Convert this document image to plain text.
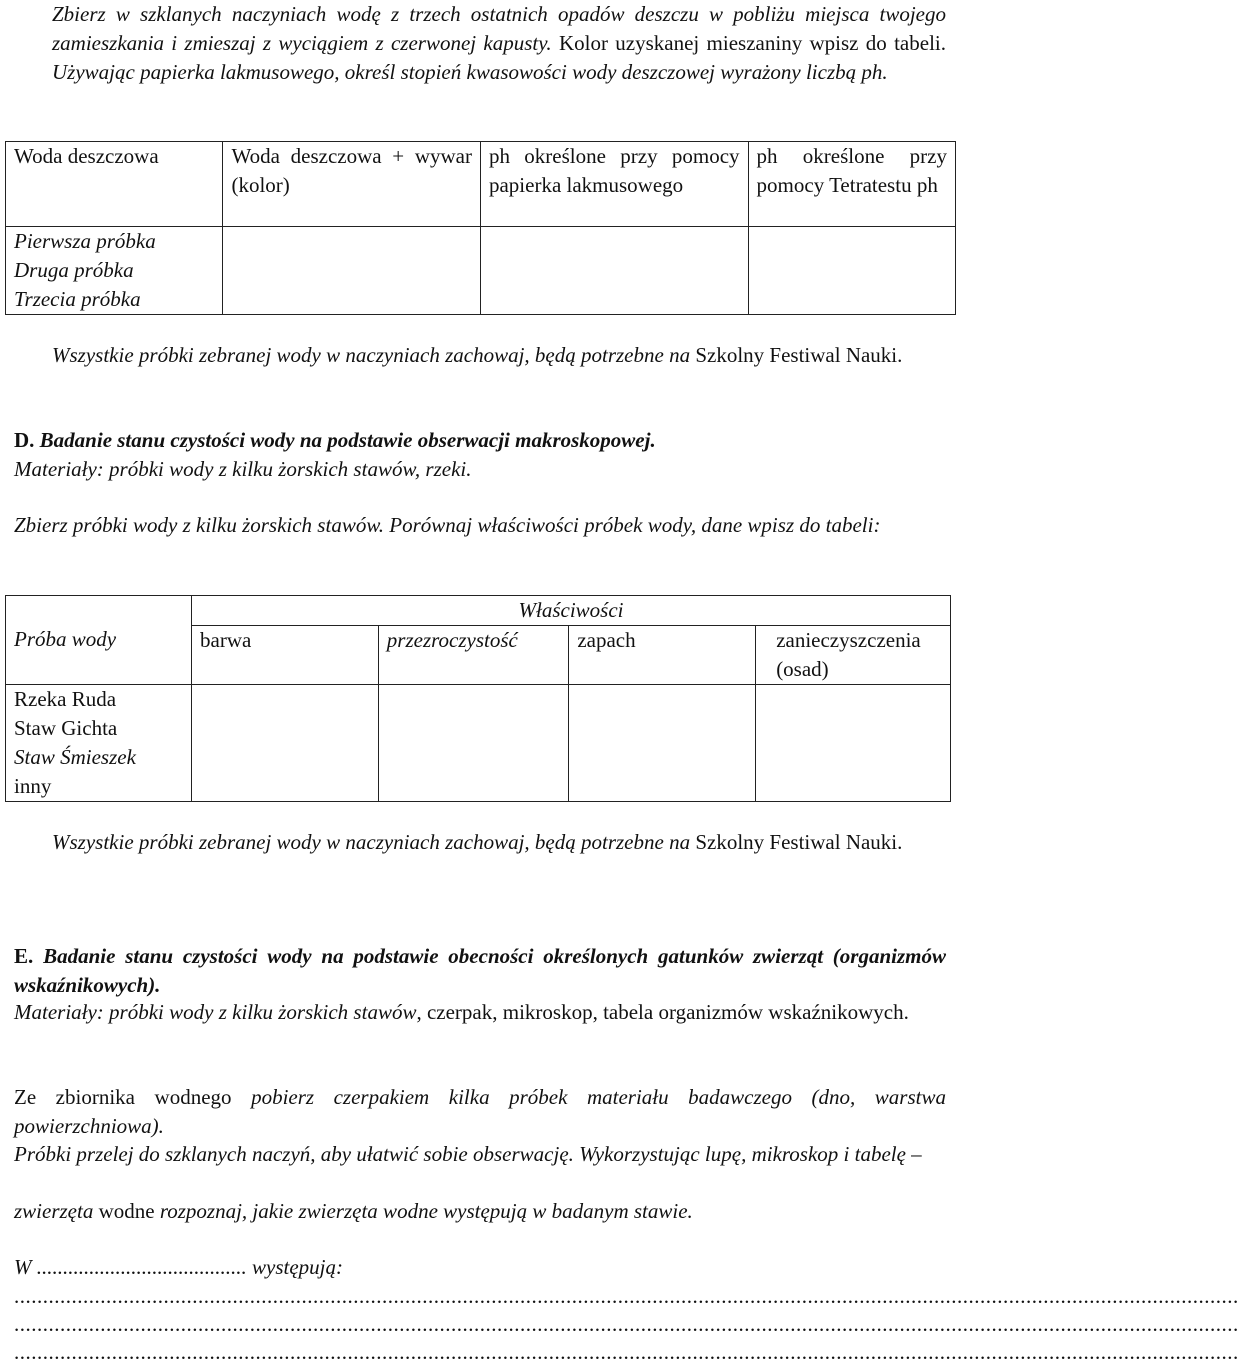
Zbierz w szklanych naczyniach wodę z trzech ostatnich opadów deszczu w pobliżu miejsca twojego zamieszkania i zmieszaj z wyciągiem z czerwonej kapusty. Kolor uzyskanej mieszaniny wpisz do tabeli. Używając papierka lakmusowego, określ stopień kwasowości wody deszczowej wyrażony liczbą ph.
Woda deszczowa	Woda deszczowa + wywar (kolor)	ph określone przy pomocy papierka lakmusowego	ph określone przy pomocy Tetratestu ph

Pierwsza próbka
Druga próbka
Trzecia próbka			

Wszystkie próbki zebranej wody w naczyniach zachowaj, będą potrzebne na Szkolny Festiwal Nauki.
D. Badanie stanu czystości wody na podstawie obserwacji makroskopowej.
Materiały: próbki wody z kilku żorskich stawów, rzeki.
Zbierz próbki wody z kilku żorskich stawów. Porównaj właściwości próbek wody, dane wpisz do tabeli:
Próba wody	Właściwości			
	barwa	przezroczystość	zapach	zanieczyszczenia (osad)

Rzeka Ruda
Staw Gichta
Staw Śmieszek
inny				

Wszystkie próbki zebranej wody w naczyniach zachowaj, będą potrzebne na Szkolny Festiwal Nauki.
E. Badanie stanu czystości wody na podstawie obecności określonych gatunków zwierząt (organizmów wskaźnikowych).
Materiały: próbki wody z kilku żorskich stawów, czerpak, mikroskop, tabela organizmów wskaźnikowych.
Ze zbiornika wodnego pobierz czerpakiem kilka próbek materiału badawczego (dno, warstwa powierzchniowa).
Próbki przelej do szklanych naczyń, aby ułatwić sobie obserwację. Wykorzystując lupę, mikroskop i tabelę –
zwierzęta wodne rozpoznaj, jakie zwierzęta wodne występują w badanym stawie.
W ........................................ występują:
.....................................................................................................................................................................................................................
.....................................................................................................................................................................................................................
.....................................................................................................................................................................................................................
